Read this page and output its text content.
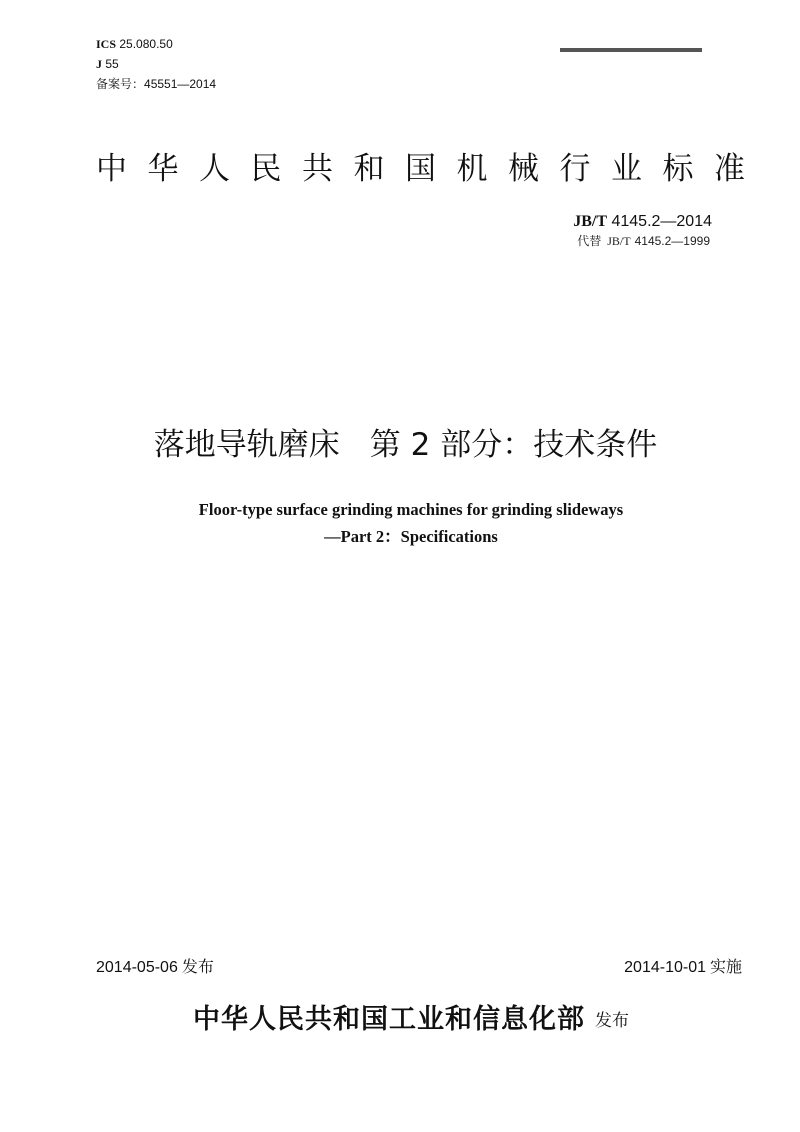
ICS 25.080.50
J 55
备案号：45551—2014
中华人民共和国机械行业标准
JB/T 4145.2—2014
代替 JB/T 4145.2—1999
落地导轨磨床 第 2 部分：技术条件
Floor-type surface grinding machines for grinding slideways
—Part 2：Specifications
2014-05-06 发布	2014-10-01 实施
中华人民共和国工业和信息化部 发布
